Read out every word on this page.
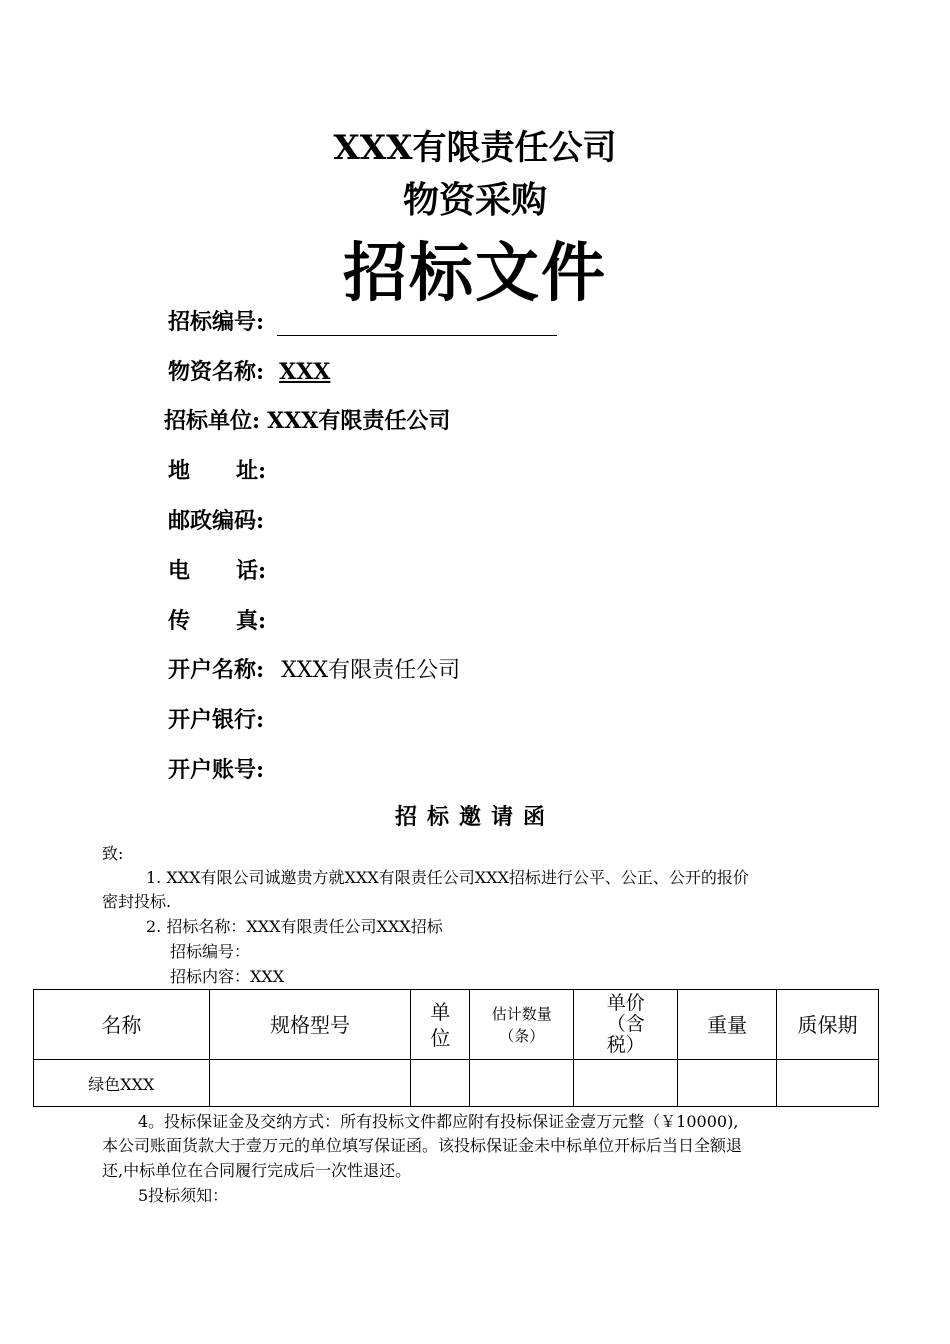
XXX有限责任公司
物资采购
招标文件
招标编号:
物资名称: XXX
招标单位: XXX有限责任公司
地      址:
邮政编码:
电      话:
传      真:
开户名称: XXX有限责任公司
开户银行:
开户账号:
招标邀请函
致:
1. XXX有限公司诚邀贵方就XXX有限责任公司XXX招标进行公平、公正、公开的报价
密封投标.
2. 招标名称：XXX有限责任公司XXX招标
招标编号：
招标内容：XXX
名称	规格型号	单位	估计数量（条）	单价（含税）	重量	质保期
绿色XXX						
4。投标保证金及交纳方式：所有投标文件都应附有投标保证金壹万元整（￥10000),
本公司账面货款大于壹万元的单位填写保证函。该投标保证金未中标单位开标后当日全额退
还,中标单位在合同履行完成后一次性退还。
5投标须知：
